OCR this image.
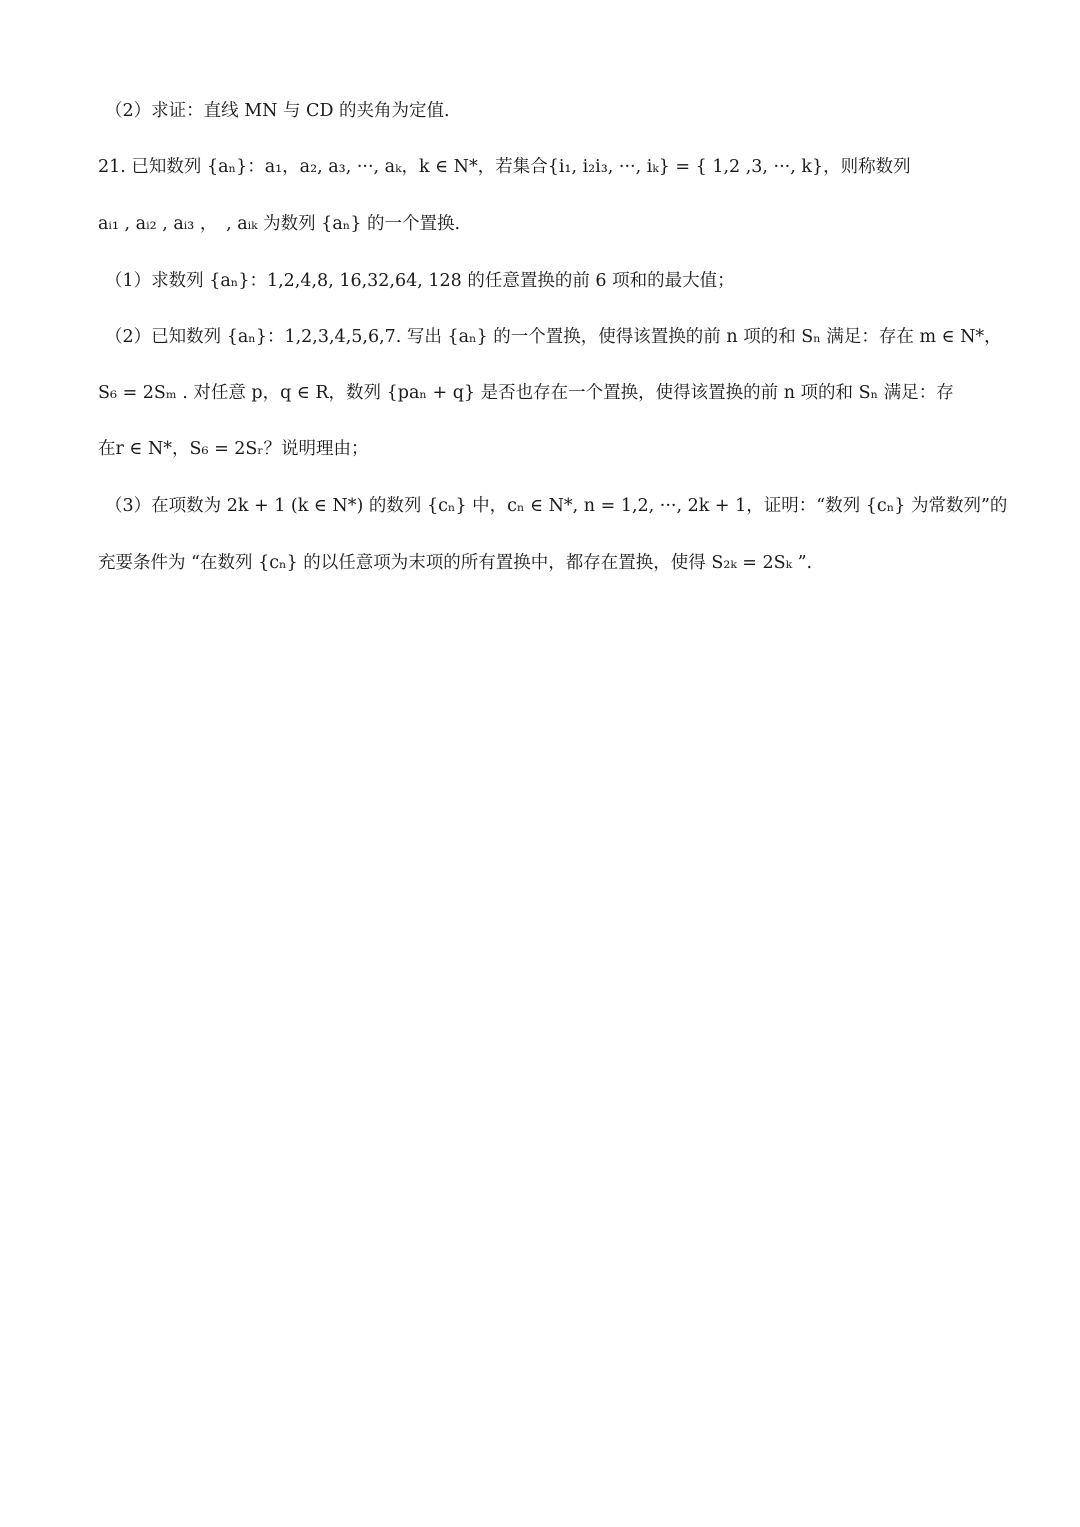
（2）求证：直线 MN 与 CD 的夹角为定值.
21. 已知数列 {aₙ}：a₁，a₂, a₃, ···, aₖ，k ∈ N*，若集合{i₁, i₂i₃, ···, iₖ} = { 1,2 ,3, ···, k}，则称数列
aᵢ₁ , aᵢ₂ , aᵢ₃ ，　, aᵢₖ 为数列 {aₙ} 的一个置换.
（1）求数列 {aₙ}：1,2,4,8, 16,32,64, 128 的任意置换的前 6 项和的最大值；
（2）已知数列 {aₙ}：1,2,3,4,5,6,7. 写出 {aₙ} 的一个置换，使得该置换的前 n 项的和 Sₙ 满足：存在 m ∈ N*，
S₆ = 2Sₘ . 对任意 p，q ∈ R，数列 {paₙ + q} 是否也存在一个置换，使得该置换的前 n 项的和 Sₙ 满足：存
在r ∈ N*，S₆ = 2Sᵣ？说明理由；
（3）在项数为 2k + 1 (k ∈ N*) 的数列 {cₙ} 中，cₙ ∈ N*, n = 1,2, ···, 2k + 1，证明：“数列 {cₙ} 为常数列”的
充要条件为 “在数列 {cₙ} 的以任意项为末项的所有置换中，都存在置换，使得 S₂ₖ = 2Sₖ ”.
